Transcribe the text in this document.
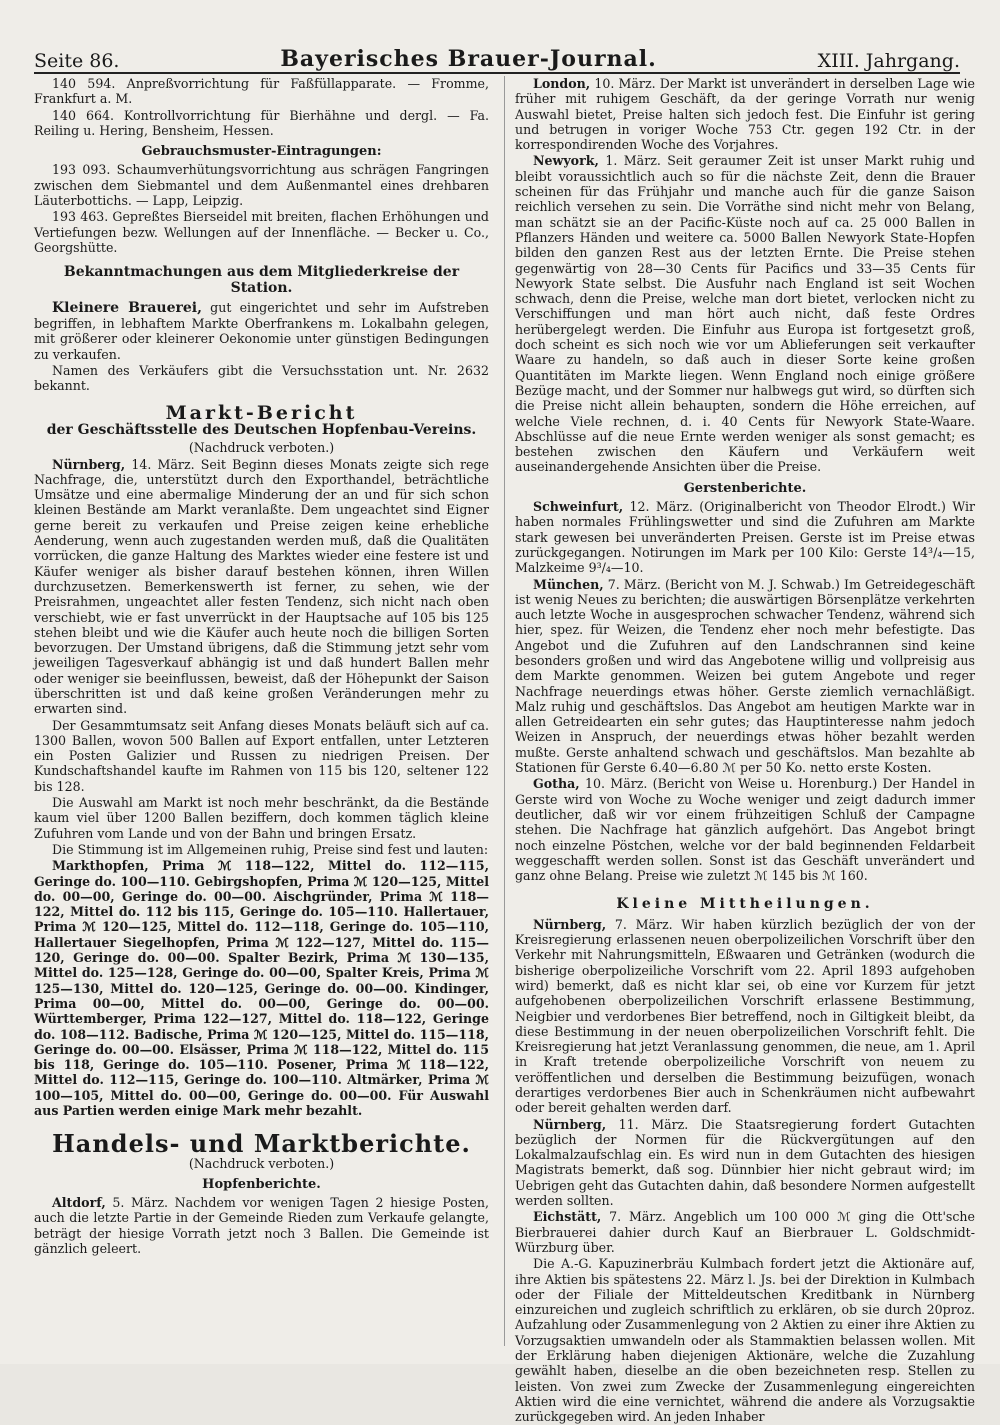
Seite 86.	Bayerisches Brauer-Journal.	XIII. Jahrgang.

140 594. Anpreßvorrichtung für Faßfüllapparate. — Fromme, Frankfurt a. M.

140 664. Kontrollvorrichtung für Bierhähne und dergl. — Fa. Reiling u. Hering, Bensheim, Hessen.

Gebrauchsmuster-Eintragungen:

193 093. Schaumverhütungsvorrichtung aus schrägen Fangringen zwischen dem Siebmantel und dem Außenmantel eines drehbaren Läuterbottichs. — Lapp, Leipzig.

193 463. Gepreßtes Bierseidel mit breiten, flachen Erhöhungen und Vertiefungen bezw. Wellungen auf der Innenfläche. — Becker u. Co., Georgshütte.

Bekanntmachungen aus dem Mitgliederkreise der Station.

Kleinere Brauerei, gut eingerichtet und sehr im Aufstreben begriffen, in lebhaftem Markte Oberfrankens m. Lokalbahn gelegen, mit größerer oder kleinerer Oekonomie unter günstigen Bedingungen zu verkaufen.

Namen des Verkäufers gibt die Versuchsstation unt. Nr. 2632 bekannt.

Markt-Bericht

der Geschäftsstelle des Deutschen Hopfenbau-Vereins.

(Nachdruck verboten.)

Nürnberg, 14. März. Seit Beginn dieses Monats zeigte sich rege Nachfrage, die, unterstützt durch den Exporthandel, beträchtliche Umsätze und eine abermalige Minderung der an und für sich schon kleinen Bestände am Markt veranlaßte. Dem ungeachtet sind Eigner gerne bereit zu verkaufen und Preise zeigen keine erhebliche Aenderung, wenn auch zugestanden werden muß, daß die Qualitäten vorrücken, die ganze Haltung des Marktes wieder eine festere ist und Käufer weniger als bisher darauf bestehen können, ihren Willen durchzusetzen. Bemerkenswerth ist ferner, zu sehen, wie der Preisrahmen, ungeachtet aller festen Tendenz, sich nicht nach oben verschiebt, wie er fast unverrückt in der Hauptsache auf 105 bis 125 stehen bleibt und wie die Käufer auch heute noch die billigen Sorten bevorzugen. Der Umstand übrigens, daß die Stimmung jetzt sehr vom jeweiligen Tagesverkauf abhängig ist und daß hundert Ballen mehr oder weniger sie beeinflussen, beweist, daß der Höhepunkt der Saison überschritten ist und daß keine großen Veränderungen mehr zu erwarten sind.

Der Gesammtumsatz seit Anfang dieses Monats beläuft sich auf ca. 1300 Ballen, wovon 500 Ballen auf Export entfallen, unter Letzteren ein Posten Galizier und Russen zu niedrigen Preisen. Der Kundschaftshandel kaufte im Rahmen von 115 bis 120, seltener 122 bis 128.

Die Auswahl am Markt ist noch mehr beschränkt, da die Bestände kaum viel über 1200 Ballen beziffern, doch kommen täglich kleine Zufuhren vom Lande und von der Bahn und bringen Ersatz.

Die Stimmung ist im Allgemeinen ruhig, Preise sind fest und lauten:

Markthopfen, Prima ℳ 118—122, Mittel do. 112—115, Geringe do. 100—110. Gebirgshopfen, Prima ℳ 120—125, Mittel do. 00—00, Geringe do. 00—00. Aischgründer, Prima ℳ 118—122, Mittel do. 112 bis 115, Geringe do. 105—110. Hallertauer, Prima ℳ 120—125, Mittel do. 112—118, Geringe do. 105—110, Hallertauer Siegelhopfen, Prima ℳ 122—127, Mittel do. 115—120, Geringe do. 00—00. Spalter Bezirk, Prima ℳ 130—135, Mittel do. 125—128, Geringe do. 00—00, Spalter Kreis, Prima ℳ 125—130, Mittel do. 120—125, Geringe do. 00—00. Kindinger, Prima 00—00, Mittel do. 00—00, Geringe do. 00—00. Württemberger, Prima 122—127, Mittel do. 118—122, Geringe do. 108—112. Badische, Prima ℳ 120—125, Mittel do. 115—118, Geringe do. 00—00. Elsässer, Prima ℳ 118—122, Mittel do. 115 bis 118, Geringe do. 105—110. Posener, Prima ℳ 118—122, Mittel do. 112—115, Geringe do. 100—110. Altmärker, Prima ℳ 100—105, Mittel do. 00—00, Geringe do. 00—00. Für Auswahl aus Partien werden einige Mark mehr bezahlt.

Handels- und Marktberichte.

(Nachdruck verboten.)

Hopfenberichte.

Altdorf, 5. März. Nachdem vor wenigen Tagen 2 hiesige Posten, auch die letzte Partie in der Gemeinde Rieden zum Verkaufe gelangte, beträgt der hiesige Vorrath jetzt noch 3 Ballen. Die Gemeinde ist gänzlich geleert.

London, 10. März. Der Markt ist unverändert in derselben Lage wie früher mit ruhigem Geschäft, da der geringe Vorrath nur wenig Auswahl bietet, Preise halten sich jedoch fest. Die Einfuhr ist gering und betrugen in voriger Woche 753 Ctr. gegen 192 Ctr. in der korrespondirenden Woche des Vorjahres.

Newyork, 1. März. Seit geraumer Zeit ist unser Markt ruhig und bleibt voraussichtlich auch so für die nächste Zeit, denn die Brauer scheinen für das Frühjahr und manche auch für die ganze Saison reichlich versehen zu sein. Die Vorräthe sind nicht mehr von Belang, man schätzt sie an der Pacific-Küste noch auf ca. 25 000 Ballen in Pflanzers Händen und weitere ca. 5000 Ballen Newyork State-Hopfen bilden den ganzen Rest aus der letzten Ernte. Die Preise stehen gegenwärtig von 28—30 Cents für Pacifics und 33—35 Cents für Newyork State selbst. Die Ausfuhr nach England ist seit Wochen schwach, denn die Preise, welche man dort bietet, verlocken nicht zu Verschiffungen und man hört auch nicht, daß feste Ordres herübergelegt werden. Die Einfuhr aus Europa ist fortgesetzt groß, doch scheint es sich noch wie vor um Ablieferungen seit verkaufter Waare zu handeln, so daß auch in dieser Sorte keine großen Quantitäten im Markte liegen. Wenn England noch einige größere Bezüge macht, und der Sommer nur halbwegs gut wird, so dürften sich die Preise nicht allein behaupten, sondern die Höhe erreichen, auf welche Viele rechnen, d. i. 40 Cents für Newyork State-Waare. Abschlüsse auf die neue Ernte werden weniger als sonst gemacht; es bestehen zwischen den Käufern und Verkäufern weit auseinandergehende Ansichten über die Preise.

Gerstenberichte.

Schweinfurt, 12. März. (Originalbericht von Theodor Elrodt.) Wir haben normales Frühlingswetter und sind die Zufuhren am Markte stark gewesen bei unveränderten Preisen. Gerste ist im Preise etwas zurückgegangen. Notirungen im Mark per 100 Kilo: Gerste 14³/₄—15, Malzkeime 9³/₄—10.

München, 7. März. (Bericht von M. J. Schwab.) Im Getreidegeschäft ist wenig Neues zu berichten; die auswärtigen Börsenplätze verkehrten auch letzte Woche in ausgesprochen schwacher Tendenz, während sich hier, spez. für Weizen, die Tendenz eher noch mehr befestigte. Das Angebot und die Zufuhren auf den Landschrannen sind keine besonders großen und wird das Angebotene willig und vollpreisig aus dem Markte genommen. Weizen bei gutem Angebote und reger Nachfrage neuerdings etwas höher. Gerste ziemlich vernachläßigt. Malz ruhig und geschäftslos. Das Angebot am heutigen Markte war in allen Getreidearten ein sehr gutes; das Hauptinteresse nahm jedoch Weizen in Anspruch, der neuerdings etwas höher bezahlt werden mußte. Gerste anhaltend schwach und geschäftslos. Man bezahlte ab Stationen für Gerste 6.40—6.80 ℳ per 50 Ko. netto erste Kosten.

Gotha, 10. März. (Bericht von Weise u. Horenburg.) Der Handel in Gerste wird von Woche zu Woche weniger und zeigt dadurch immer deutlicher, daß wir vor einem frühzeitigen Schluß der Campagne stehen. Die Nachfrage hat gänzlich aufgehört. Das Angebot bringt noch einzelne Pöstchen, welche vor der bald beginnenden Feldarbeit weggeschafft werden sollen. Sonst ist das Geschäft unverändert und ganz ohne Belang. Preise wie zuletzt ℳ 145 bis ℳ 160.

Kleine Mittheilungen.

Nürnberg, 7. März. Wir haben kürzlich bezüglich der von der Kreisregierung erlassenen neuen oberpolizeilichen Vorschrift über den Verkehr mit Nahrungsmitteln, Eßwaaren und Getränken (wodurch die bisherige oberpolizeiliche Vorschrift vom 22. April 1893 aufgehoben wird) bemerkt, daß es nicht klar sei, ob eine vor Kurzem für jetzt aufgehobenen oberpolizeilichen Vorschrift erlassene Bestimmung, Neigbier und verdorbenes Bier betreffend, noch in Giltigkeit bleibt, da diese Bestimmung in der neuen oberpolizeilichen Vorschrift fehlt. Die Kreisregierung hat jetzt Veranlassung genommen, die neue, am 1. April in Kraft tretende oberpolizeiliche Vorschrift von neuem zu veröffentlichen und derselben die Bestimmung beizufügen, wonach derartiges verdorbenes Bier auch in Schenkräumen nicht aufbewahrt oder bereit gehalten werden darf.

Nürnberg, 11. März. Die Staatsregierung fordert Gutachten bezüglich der Normen für die Rückvergütungen auf den Lokalmalzaufschlag ein. Es wird nun in dem Gutachten des hiesigen Magistrats bemerkt, daß sog. Dünnbier hier nicht gebraut wird; im Uebrigen geht das Gutachten dahin, daß besondere Normen aufgestellt werden sollten.

Eichstätt, 7. März. Angeblich um 100 000 ℳ ging die Ott'sche Bierbrauerei dahier durch Kauf an Bierbrauer L. Goldschmidt-Würzburg über.

Die A.-G. Kapuzinerbräu Kulmbach fordert jetzt die Aktionäre auf, ihre Aktien bis spätestens 22. März l. Js. bei der Direktion in Kulmbach oder der Filiale der Mitteldeutschen Kreditbank in Nürnberg einzureichen und zugleich schriftlich zu erklären, ob sie durch 20proz. Aufzahlung oder Zusammenlegung von 2 Aktien zu einer ihre Aktien zu Vorzugsaktien umwandeln oder als Stammaktien belassen wollen. Mit der Erklärung haben diejenigen Aktionäre, welche die Zuzahlung gewählt haben, dieselbe an die oben bezeichneten resp. Stellen zu leisten. Von zwei zum Zwecke der Zusammenlegung eingereichten Aktien wird die eine vernichtet, während die andere als Vorzugsaktie zurückgegeben wird. An jeden Inhaber
